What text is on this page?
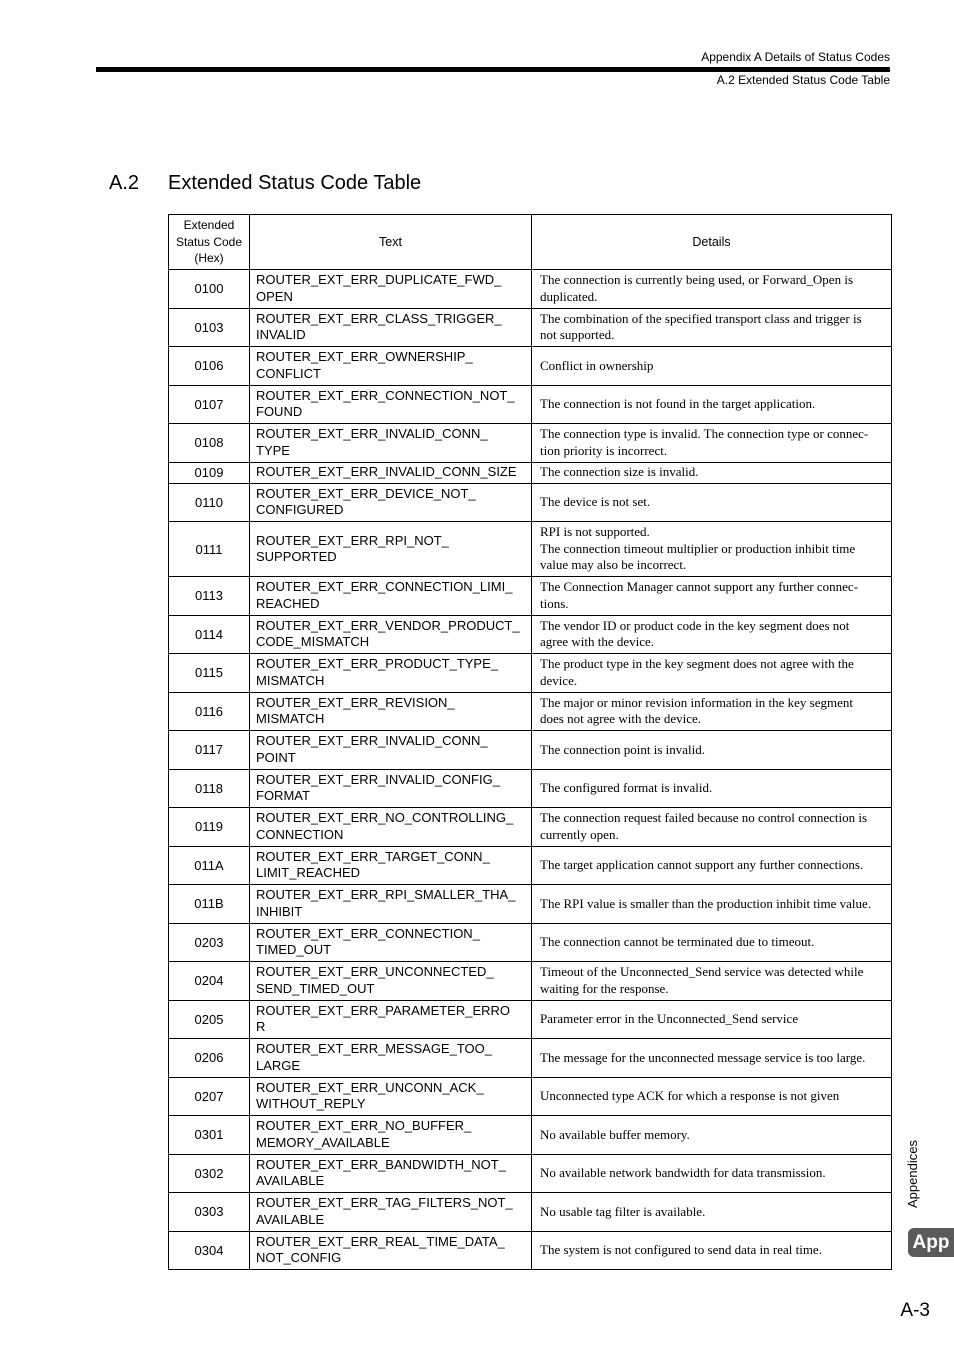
Appendix A Details of Status Codes
A.2 Extended Status Code Table
A.2 Extended Status Code Table
Extended
Status Code
(Hex)	Text	Details
0100	ROUTER_EXT_ERR_DUPLICATE_FWD_
OPEN	The connection is currently being used, or Forward_Open is
duplicated.
0103	ROUTER_EXT_ERR_CLASS_TRIGGER_
INVALID	The combination of the specified transport class and trigger is
not supported.
0106	ROUTER_EXT_ERR_OWNERSHIP_
CONFLICT	Conflict in ownership
0107	ROUTER_EXT_ERR_CONNECTION_NOT_
FOUND	The connection is not found in the target application.
0108	ROUTER_EXT_ERR_INVALID_CONN_
TYPE	The connection type is invalid. The connection type or connec-
tion priority is incorrect.
0109	ROUTER_EXT_ERR_INVALID_CONN_SIZE	The connection size is invalid.
0110	ROUTER_EXT_ERR_DEVICE_NOT_
CONFIGURED	The device is not set.
0111	ROUTER_EXT_ERR_RPI_NOT_
SUPPORTED	RPI is not supported.
The connection timeout multiplier or production inhibit time
value may also be incorrect.
0113	ROUTER_EXT_ERR_CONNECTION_LIMI_
REACHED	The Connection Manager cannot support any further connec-
tions.
0114	ROUTER_EXT_ERR_VENDOR_PRODUCT_
CODE_MISMATCH	The vendor ID or product code in the key segment does not
agree with the device.
0115	ROUTER_EXT_ERR_PRODUCT_TYPE_
MISMATCH	The product type in the key segment does not agree with the
device.
0116	ROUTER_EXT_ERR_REVISION_
MISMATCH	The major or minor revision information in the key segment
does not agree with the device.
0117	ROUTER_EXT_ERR_INVALID_CONN_
POINT	The connection point is invalid.
0118	ROUTER_EXT_ERR_INVALID_CONFIG_
FORMAT	The configured format is invalid.
0119	ROUTER_EXT_ERR_NO_CONTROLLING_
CONNECTION	The connection request failed because no control connection is
currently open.
011A	ROUTER_EXT_ERR_TARGET_CONN_
LIMIT_REACHED	The target application cannot support any further connections.
011B	ROUTER_EXT_ERR_RPI_SMALLER_THA_
INHIBIT	The RPI value is smaller than the production inhibit time value.
0203	ROUTER_EXT_ERR_CONNECTION_
TIMED_OUT	The connection cannot be terminated due to timeout.
0204	ROUTER_EXT_ERR_UNCONNECTED_
SEND_TIMED_OUT	Timeout of the Unconnected_Send service was detected while
waiting for the response.
0205	ROUTER_EXT_ERR_PARAMETER_ERRO
R	Parameter error in the Unconnected_Send service
0206	ROUTER_EXT_ERR_MESSAGE_TOO_
LARGE	The message for the unconnected message service is too large.
0207	ROUTER_EXT_ERR_UNCONN_ACK_
WITHOUT_REPLY	Unconnected type ACK for which a response is not given
0301	ROUTER_EXT_ERR_NO_BUFFER_
MEMORY_AVAILABLE	No available buffer memory.
0302	ROUTER_EXT_ERR_BANDWIDTH_NOT_
AVAILABLE	No available network bandwidth for data transmission.
0303	ROUTER_EXT_ERR_TAG_FILTERS_NOT_
AVAILABLE	No usable tag filter is available.
0304	ROUTER_EXT_ERR_REAL_TIME_DATA_
NOT_CONFIG	The system is not configured to send data in real time.
Appendices
App
A-3
